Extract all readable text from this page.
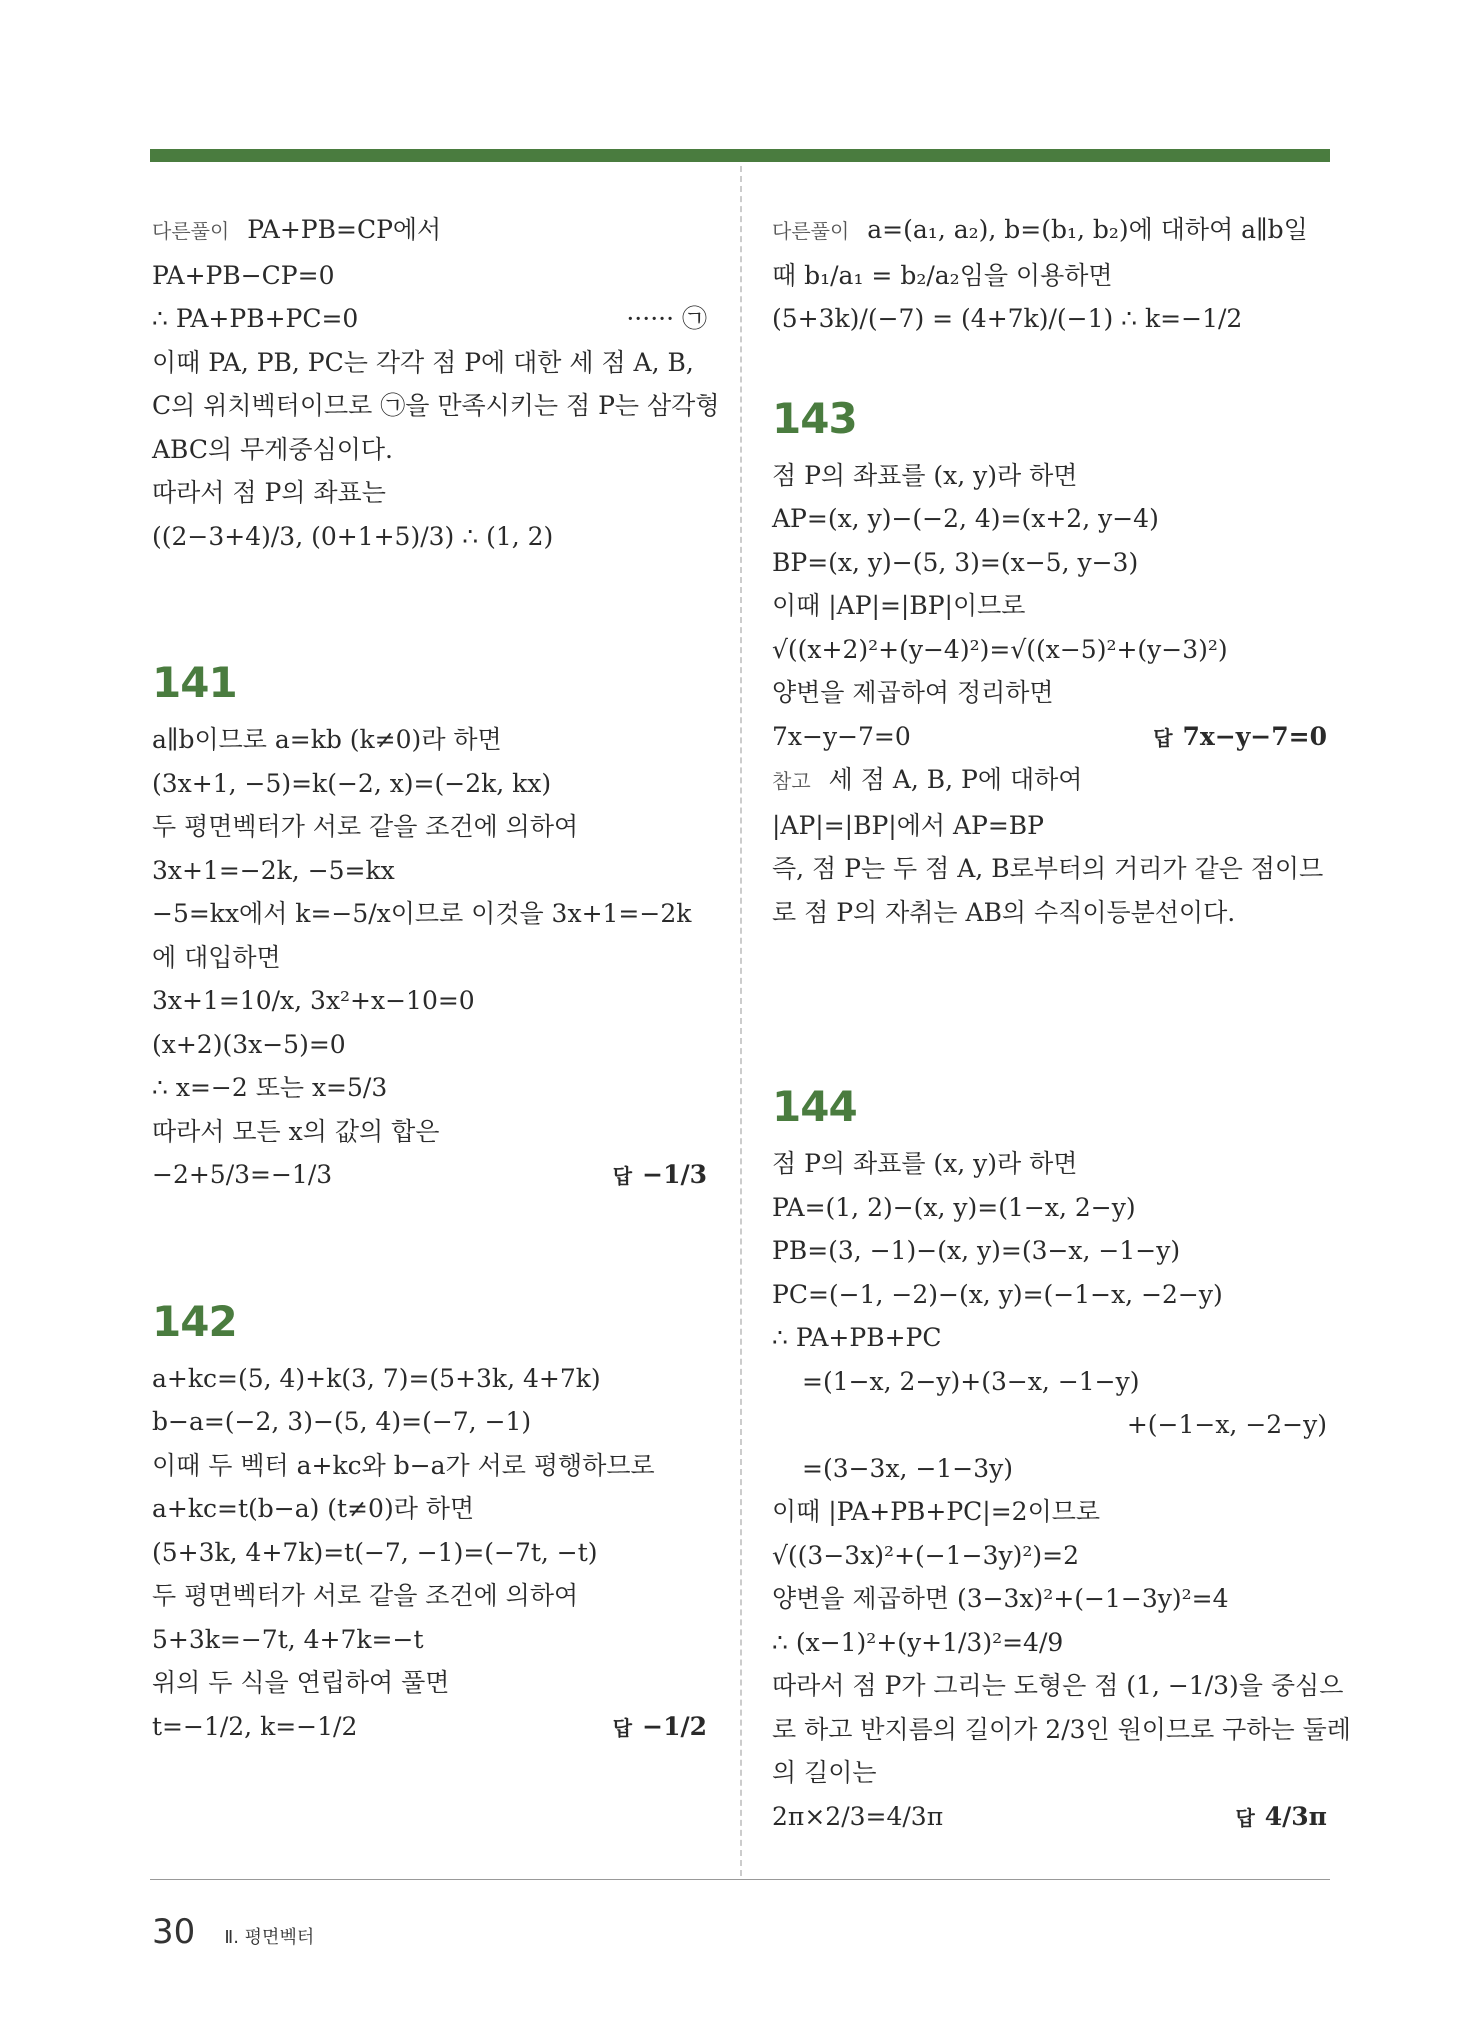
다른풀이 PA+PB=CP에서
PA+PB−CP=0
∴ PA+PB+PC=0	······ ㉠
이때 PA, PB, PC는 각각 점 P에 대한 세 점 A, B,
C의 위치벡터이므로 ㉠을 만족시키는 점 P는 삼각형
ABC의 무게중심이다.
따라서 점 P의 좌표는
((2−3+4)/3, (0+1+5)/3) ∴ (1, 2)
141
a∥b이므로 a=kb (k≠0)라 하면
(3x+1, −5)=k(−2, x)=(−2k, kx)
두 평면벡터가 서로 같을 조건에 의하여
3x+1=−2k, −5=kx
−5=kx에서 k=−5/x이므로 이것을 3x+1=−2k
에 대입하면
3x+1=10/x, 3x²+x−10=0
(x+2)(3x−5)=0
∴ x=−2 또는 x=5/3
따라서 모든 x의 값의 합은
−2+5/3=−1/3	답 −1/3
142
a+kc=(5, 4)+k(3, 7)=(5+3k, 4+7k)
b−a=(−2, 3)−(5, 4)=(−7, −1)
이때 두 벡터 a+kc와 b−a가 서로 평행하므로
a+kc=t(b−a) (t≠0)라 하면
(5+3k, 4+7k)=t(−7, −1)=(−7t, −t)
두 평면벡터가 서로 같을 조건에 의하여
5+3k=−7t, 4+7k=−t
위의 두 식을 연립하여 풀면
t=−1/2, k=−1/2	답 −1/2
다른풀이 a=(a₁, a₂), b=(b₁, b₂)에 대하여 a∥b일
때 b₁/a₁ = b₂/a₂임을 이용하면
(5+3k)/(−7) = (4+7k)/(−1) ∴ k=−1/2
143
점 P의 좌표를 (x, y)라 하면
AP=(x, y)−(−2, 4)=(x+2, y−4)
BP=(x, y)−(5, 3)=(x−5, y−3)
이때 |AP|=|BP|이므로
√((x+2)²+(y−4)²)=√((x−5)²+(y−3)²)
양변을 제곱하여 정리하면
7x−y−7=0	답 7x−y−7=0
참고 세 점 A, B, P에 대하여
|AP|=|BP|에서 AP=BP
즉, 점 P는 두 점 A, B로부터의 거리가 같은 점이므
로 점 P의 자취는 AB의 수직이등분선이다.
144
점 P의 좌표를 (x, y)라 하면
PA=(1, 2)−(x, y)=(1−x, 2−y)
PB=(3, −1)−(x, y)=(3−x, −1−y)
PC=(−1, −2)−(x, y)=(−1−x, −2−y)
∴ PA+PB+PC
=(1−x, 2−y)+(3−x, −1−y)
+(−1−x, −2−y)
=(3−3x, −1−3y)
이때 |PA+PB+PC|=2이므로
√((3−3x)²+(−1−3y)²)=2
양변을 제곱하면 (3−3x)²+(−1−3y)²=4
∴ (x−1)²+(y+1/3)²=4/9
따라서 점 P가 그리는 도형은 점 (1, −1/3)을 중심으
로 하고 반지름의 길이가 2/3인 원이므로 구하는 둘레
의 길이는
2π×2/3=4/3π	답 4/3π
30 Ⅱ. 평면벡터
